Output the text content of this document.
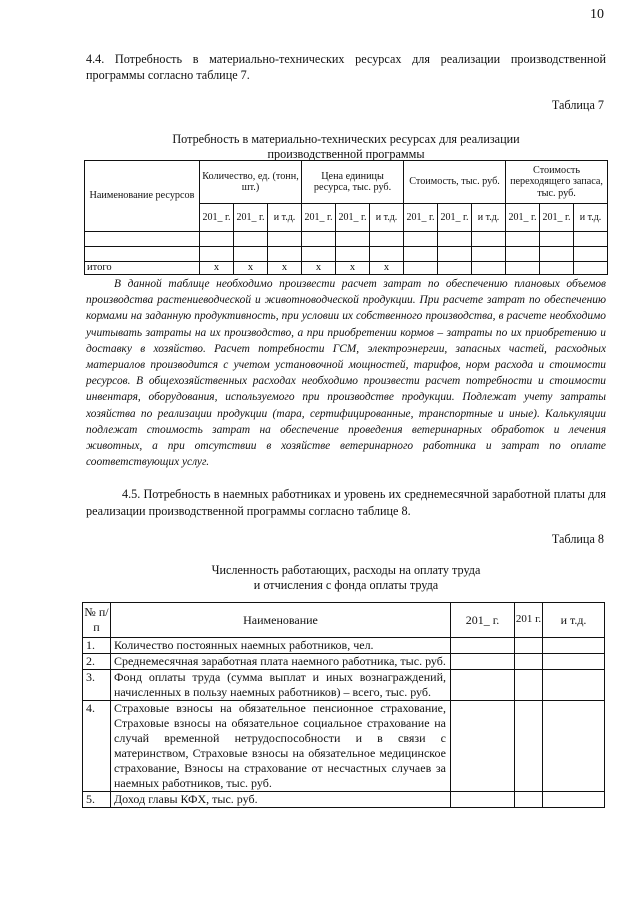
10
4.4. Потребность в материально-технических ресурсах для реализации производственной программы согласно таблице 7.
Таблица 7
Потребность в материально-технических ресурсах для реализации
производственной программы
Наименование ресурсов	Количество, ед. (тонн, шт.)			Цена единицы ресурса, тыс. руб.			Стоимость, тыс. руб.			Стоимость переходящего запаса, тыс. руб.		
	201_ г.	201_ г.	и т.д.	201_ г.	201_ г.	и т.д.	201_ г.	201_ г.	и т.д.	201_ г.	201_ г.	и т.д.

итого	х	х	х	х	х	х						
В данной таблице необходимо произвести расчет затрат по обеспечению плановых объемов производства растениеводческой и животноводческой продукции. При расчете затрат по обеспечению кормами на заданную продуктивность, при условии их собственного производства, в расчете необходимо учитывать затраты на их производство, а при приобретении кормов – затраты по их приобретению и доставку в хозяйство. Расчет потребности ГСМ, электроэнергии, запасных частей, расходных материалов производится с учетом установочной мощностей, тарифов, норм расхода и стоимости ресурсов. В общехозяйственных расходах необходимо произвести расчет потребности и стоимости инвентаря, оборудования, используемого при производстве продукции. Подлежат учету затраты хозяйства по реализации продукции (тара, сертифицированные, транспортные и иные). Калькуляции подлежат стоимость затрат на обеспечение проведения ветеринарных обработок и лечения животных, а при отсутствии в хозяйстве ветеринарного работника и затрат по оплате соответствующих услуг.
4.5. Потребность в наемных работниках и уровень их среднемесячной заработной платы для реализации производственной программы согласно таблице 8.
Таблица 8
Численность работающих, расходы на оплату труда
и отчисления с фонда оплаты труда
№ п/п	Наименование	201_ г.	201 г.	и т.д.
1.	Количество постоянных наемных работников, чел.			
2.	Среднемесячная заработная плата наемного работника, тыс. руб.			
3.	Фонд оплаты труда (сумма выплат и иных вознаграждений, начисленных в пользу наемных работников) – всего, тыс. руб.			
4.	Страховые взносы на обязательное пенсионное страхование, Страховые взносы на обязательное социальное страхование на случай временной нетрудоспособности и в связи с материнством, Страховые взносы на обязательное медицинское страхование, Взносы на страхование от несчастных случаев за наемных работников, тыс. руб.			
5.	Доход главы КФХ, тыс. руб.			
